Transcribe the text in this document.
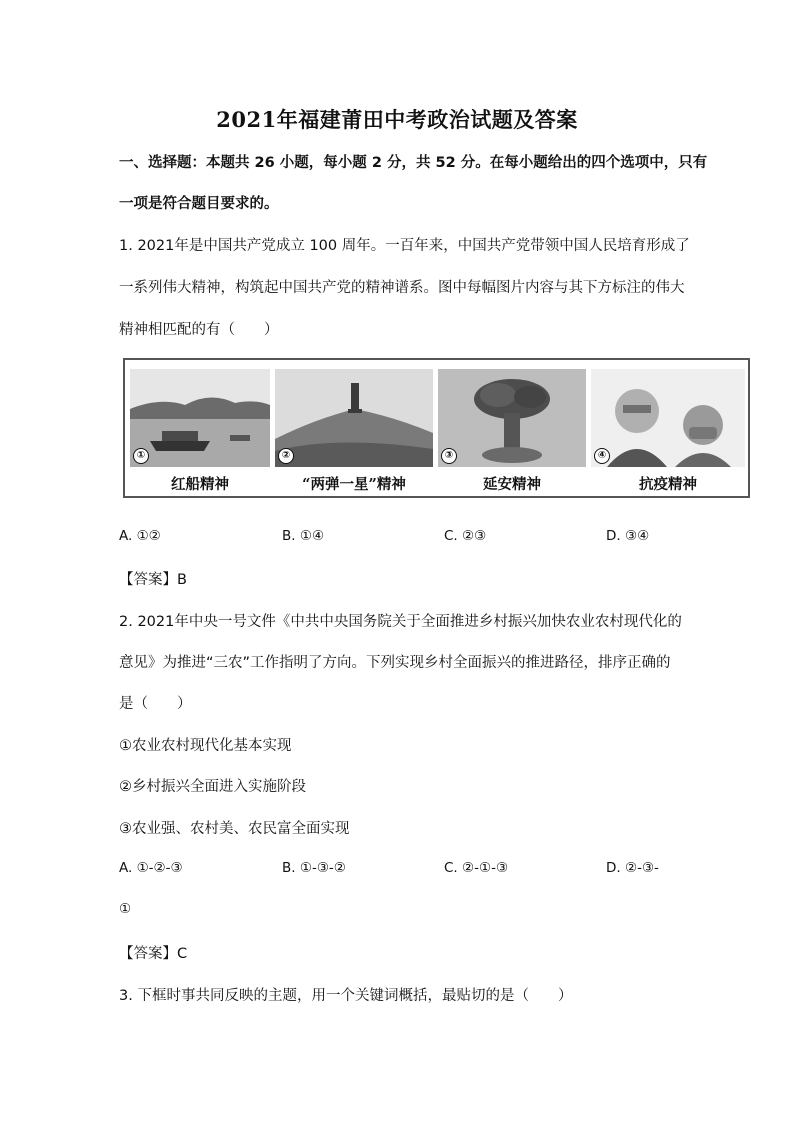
2021年福建莆田中考政治试题及答案
一、选择题：本题共 26 小题，每小题 2 分，共 52 分。在每小题给出的四个选项中，只有
一项是符合题目要求的。
1. 2021年是中国共产党成立 100 周年。一百年来，中国共产党带领中国人民培育形成了
一系列伟大精神，构筑起中国共产党的精神谱系。图中每幅图片内容与其下方标注的伟大
精神相匹配的有（　　）
①	②	③	④
红船精神	“两弹一星”精神	延安精神	抗疫精神
A. ①②	B. ①④	C. ②③	D. ③④
【答案】B
2. 2021年中央一号文件《中共中央国务院关于全面推进乡村振兴加快农业农村现代化的
意见》为推进“三农”工作指明了方向。下列实现乡村全面振兴的推进路径，排序正确的
是（　　）
①农业农村现代化基本实现
②乡村振兴全面进入实施阶段
③农业强、农村美、农民富全面实现
A. ①-②-③	B. ①-③-②	C. ②-①-③	D. ②-③-
①
【答案】C
3. 下框时事共同反映的主题，用一个关键词概括，最贴切的是（　　）
